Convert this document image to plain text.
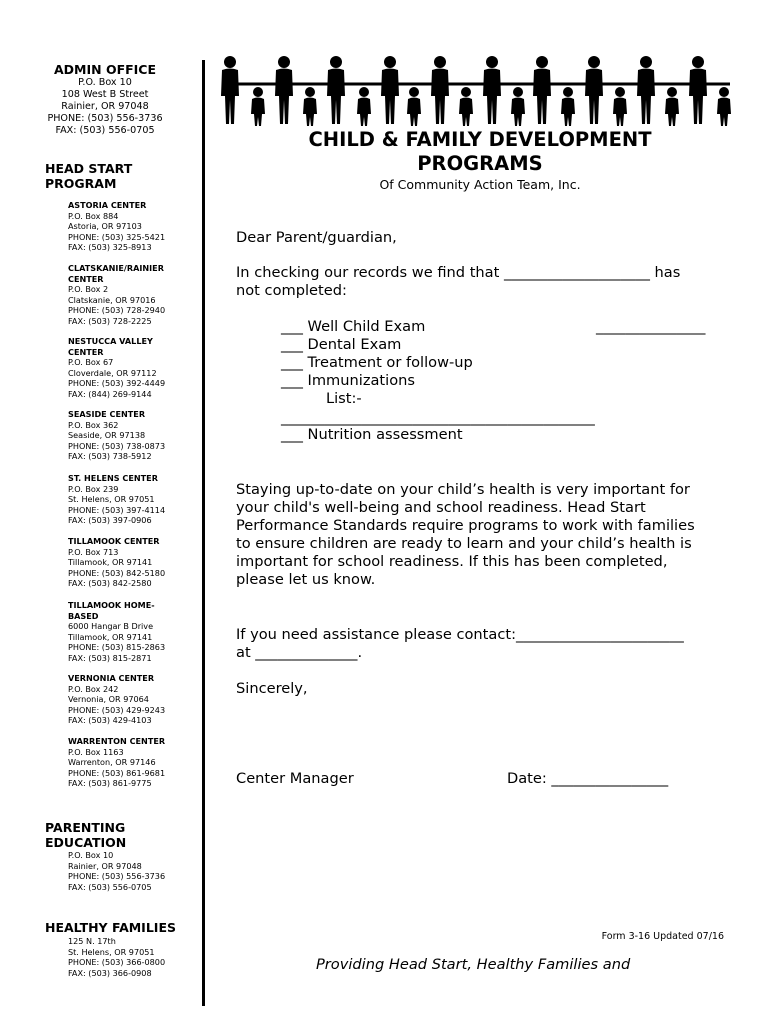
ADMIN OFFICE
P.O. Box 10
108 West B Street
Rainier, OR 97048
PHONE: (503) 556-3736
FAX: (503) 556-0705
HEAD START
PROGRAM
ASTORIA CENTER
P.O. Box 884
Astoria, OR 97103
PHONE: (503) 325-5421
FAX: (503) 325-8913
CLATSKANIE/RAINIER
CENTER
P.O. Box 2
Clatskanie, OR 97016
PHONE: (503) 728-2940
FAX: (503) 728-2225
NESTUCCA VALLEY
CENTER
P.O. Box 67
Cloverdale, OR 97112
PHONE: (503) 392-4449
FAX: (844) 269-9144
SEASIDE CENTER
P.O. Box 362
Seaside, OR 97138
PHONE: (503) 738-0873
FAX: (503) 738-5912
ST. HELENS CENTER
P.O. Box 239
St. Helens, OR 97051
PHONE: (503) 397-4114
FAX: (503) 397-0906
TILLAMOOK CENTER
P.O. Box 713
Tillamook, OR 97141
PHONE: (503) 842-5180
FAX: (503) 842-2580
TILLAMOOK HOME-
BASED
6000 Hangar B Drive
Tillamook, OR 97141
PHONE: (503) 815-2863
FAX: (503) 815-2871
VERNONIA CENTER
P.O. Box 242
Vernonia, OR 97064
PHONE: (503) 429-9243
FAX: (503) 429-4103
WARRENTON CENTER
P.O. Box 1163
Warrenton, OR 97146
PHONE: (503) 861-9681
FAX: (503) 861-9775
PARENTING
EDUCATION
P.O. Box 10
Rainier, OR 97048
PHONE: (503) 556-3736
FAX: (503) 556-0705
HEALTHY FAMILIES
125 N. 17th
St. Helens, OR 97051
PHONE: (503) 366-0800
FAX: (503) 366-0908
CHILD & FAMILY DEVELOPMENT
PROGRAMS
Of Community Action Team, Inc.
Dear Parent/guardian,
In checking our records we find that ____________________ has
not completed:
___ Well Child Exam	_______________
___ Dental Exam
___ Treatment or follow-up
___ Immunizations
List:-
___________________________________________
___ Nutrition assessment
Staying up-to-date on your child’s health is very important for
your child's well-being and school readiness. Head Start
Performance Standards require programs to work with families
to ensure children are ready to learn and your child’s health is
important for school readiness. If this has been completed,
please let us know.
If you need assistance please contact:_______________________
at ______________.
Sincerely,
Center Manager	Date: ________________
Form 3-16 Updated 07/16
Providing Head Start, Healthy Families and
